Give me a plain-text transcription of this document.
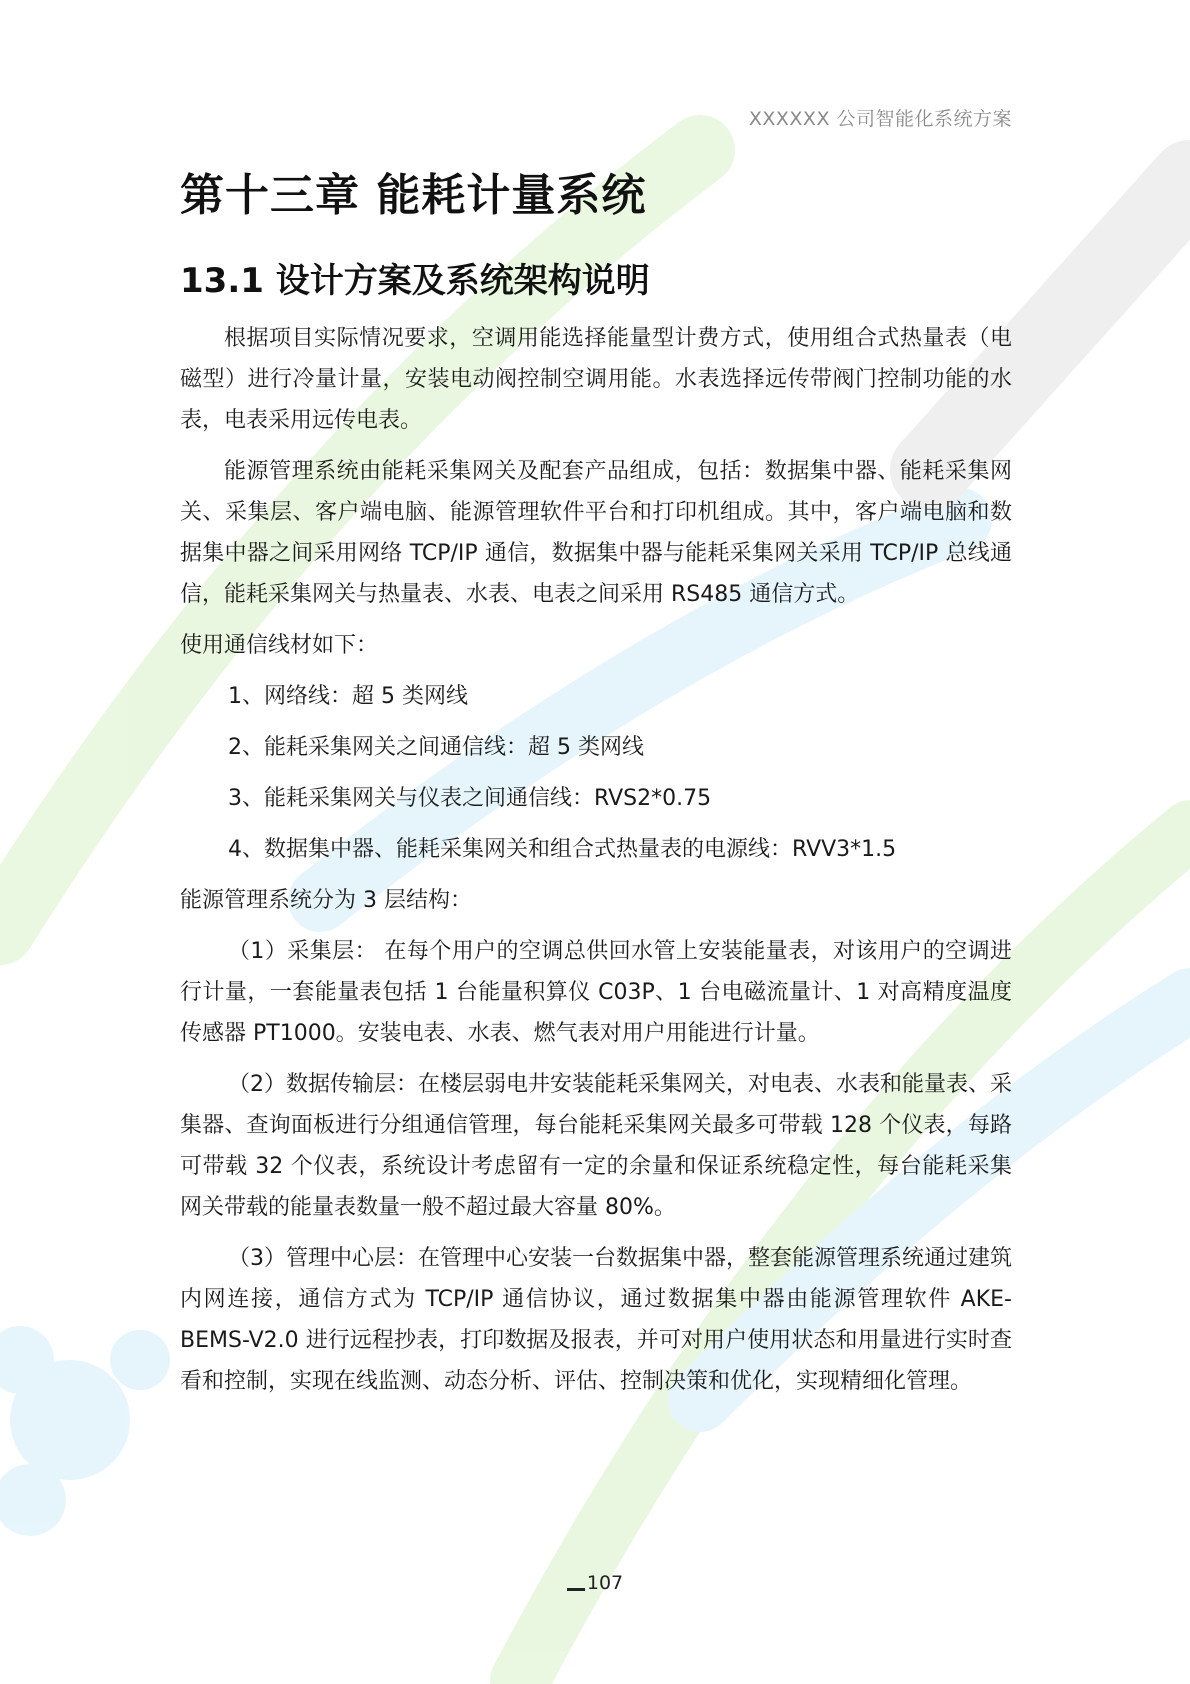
XXXXXX 公司智能化系统方案
第十三章 能耗计量系统
13.1 设计方案及系统架构说明

根据项目实际情况要求，空调用能选择能量型计费方式，使用组合式热量表（电磁型）进行冷量计量，安装电动阀控制空调用能。水表选择远传带阀门控制功能的水表，电表采用远传电表。

能源管理系统由能耗采集网关及配套产品组成，包括：数据集中器、能耗采集网关、采集层、客户端电脑、能源管理软件平台和打印机组成。其中，客户端电脑和数据集中器之间采用网络 TCP/IP 通信，数据集中器与能耗采集网关采用 TCP/IP 总线通信，能耗采集网关与热量表、水表、电表之间采用 RS485 通信方式。

使用通信线材如下：

1、网络线：超 5 类网线
2、能耗采集网关之间通信线：超 5 类网线
3、能耗采集网关与仪表之间通信线：RVS2*0.75
4、数据集中器、能耗采集网关和组合式热量表的电源线：RVV3*1.5

能源管理系统分为 3 层结构：

（1）采集层： 在每个用户的空调总供回水管上安装能量表，对该用户的空调进行计量，一套能量表包括 1 台能量积算仪 C03P、1 台电磁流量计、1 对高精度温度传感器 PT1000。安装电表、水表、燃气表对用户用能进行计量。

（2）数据传输层：在楼层弱电井安装能耗采集网关，对电表、水表和能量表、采集器、查询面板进行分组通信管理，每台能耗采集网关最多可带载 128 个仪表，每路可带载 32 个仪表，系统设计考虑留有一定的余量和保证系统稳定性，每台能耗采集网关带载的能量表数量一般不超过最大容量 80%。

（3）管理中心层：在管理中心安装一台数据集中器，整套能源管理系统通过建筑内网连接，通信方式为 TCP/IP 通信协议，通过数据集中器由能源管理软件 AKE-BEMS-V2.0 进行远程抄表，打印数据及报表，并可对用户使用状态和用量进行实时查看和控制，实现在线监测、动态分析、评估、控制决策和优化，实现精细化管理。

107
